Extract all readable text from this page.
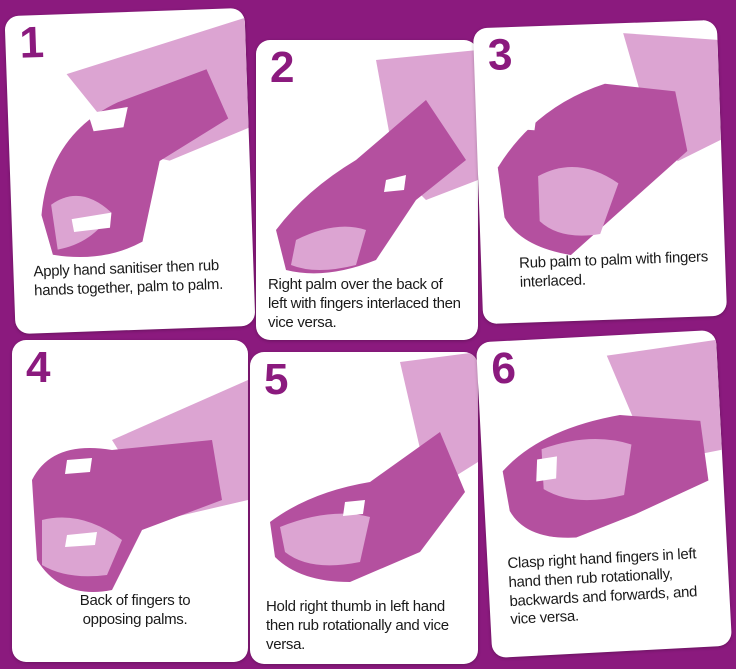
1
Apply hand sanitiser then rub hands together, palm to palm.
2
Right palm over the back of left with fingers interlaced then vice versa.
3
Rub palm to palm with fingers interlaced.
4
Back of fingers to opposing palms.
5
Hold right thumb in left hand then rub rotationally and vice versa.
6
Clasp right hand fingers in left hand then rub rotationally, backwards and forwards, and vice versa.
